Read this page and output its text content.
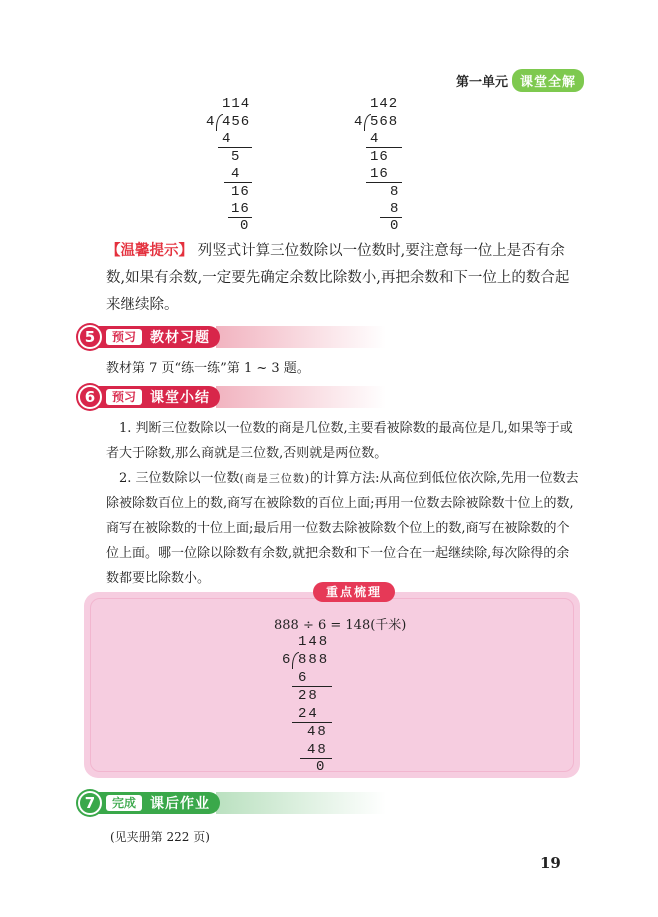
第一单元 课堂全解
114
4 456
4
5
4
16
16
0
142
4 568
4
16
16
8
8
0
【温馨提示】 列竖式计算三位数除以一位数时,要注意每一位上是否有余数,如果有余数,一定要先确定余数比除数小,再把余数和下一位上的数合起来继续除。
5	预习	教材习题
教材第 7 页“练一练”第 1 ~ 3 题。
6	预习	课堂小结
1. 判断三位数除以一位数的商是几位数,主要看被除数的最高位是几,如果等于或者大于除数,那么商就是三位数,否则就是两位数。
2. 三位数除以一位数(商是三位数)的计算方法:从高位到低位依次除,先用一位数去除被除数百位上的数,商写在被除数的百位上面;再用一位数去除被除数十位上的数,商写在被除数的十位上面;最后用一位数去除被除数个位上的数,商写在被除数的个位上面。哪一位除以除数有余数,就把余数和下一位合在一起继续除,每次除得的余数都要比除数小。
重点梳理
888 ÷ 6 = 148(千米)
148
6 888
6
28
24
48
48
0
7	完成	课后作业
(见夹册第 222 页)
19
